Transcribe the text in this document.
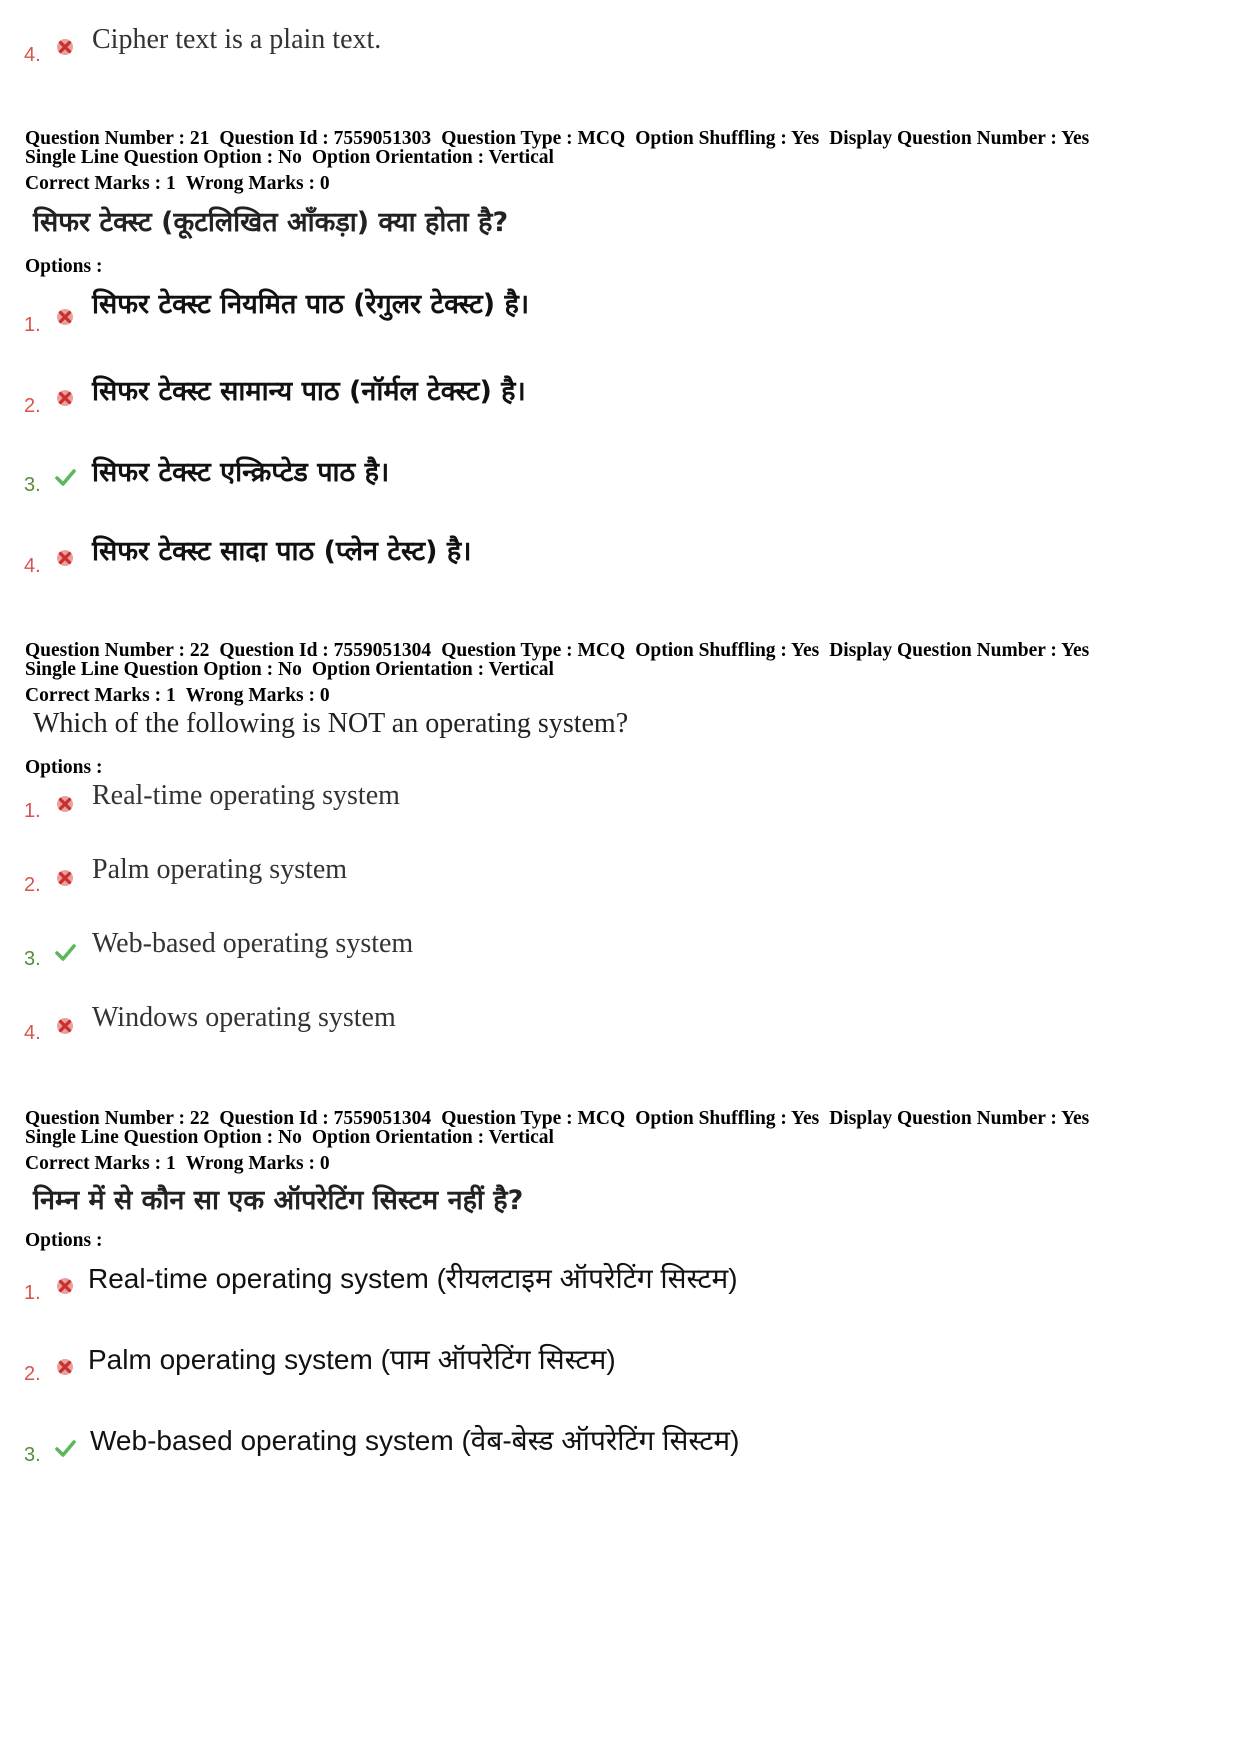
4. Cipher text is a plain text.
Question Number : 21 Question Id : 7559051303 Question Type : MCQ Option Shuffling : Yes Display Question Number : Yes
Single Line Question Option : No Option Orientation : Vertical
Correct Marks : 1 Wrong Marks : 0
सिफर टेक्स्ट (कूटलिखित आँकड़ा) क्या होता है?
Options :
1.
सिफर टेक्स्ट नियमित पाठ (रेगुलर टेक्स्ट) है।
2. सिफर टेक्स्ट सामान्य पाठ (नॉर्मल टेक्स्ट) है।
3. सिफर टेक्स्ट एन्क्रिप्टेड पाठ है।
4. सिफर टेक्स्ट सादा पाठ (प्लेन टेस्ट) है।
Question Number : 22 Question Id : 7559051304 Question Type : MCQ Option Shuffling : Yes Display Question Number : Yes
Single Line Question Option : No Option Orientation : Vertical
Correct Marks : 1 Wrong Marks : 0
Which of the following is NOT an operating system?
Options :
1. Real-time operating system
2. Palm operating system
3. Web-based operating system
4. Windows operating system
Question Number : 22 Question Id : 7559051304 Question Type : MCQ Option Shuffling : Yes Display Question Number : Yes
Single Line Question Option : No Option Orientation : Vertical
Correct Marks : 1 Wrong Marks : 0
निम्न में से कौन सा एक ऑपरेटिंग सिस्टम नहीं है?
Options :
1. Real-time operating system (रीयलटाइम ऑपरेटिंग सिस्टम)
2. Palm operating system (पाम ऑपरेटिंग सिस्टम)
3. Web-based operating system (वेब-बेस्ड ऑपरेटिंग सिस्टम)
